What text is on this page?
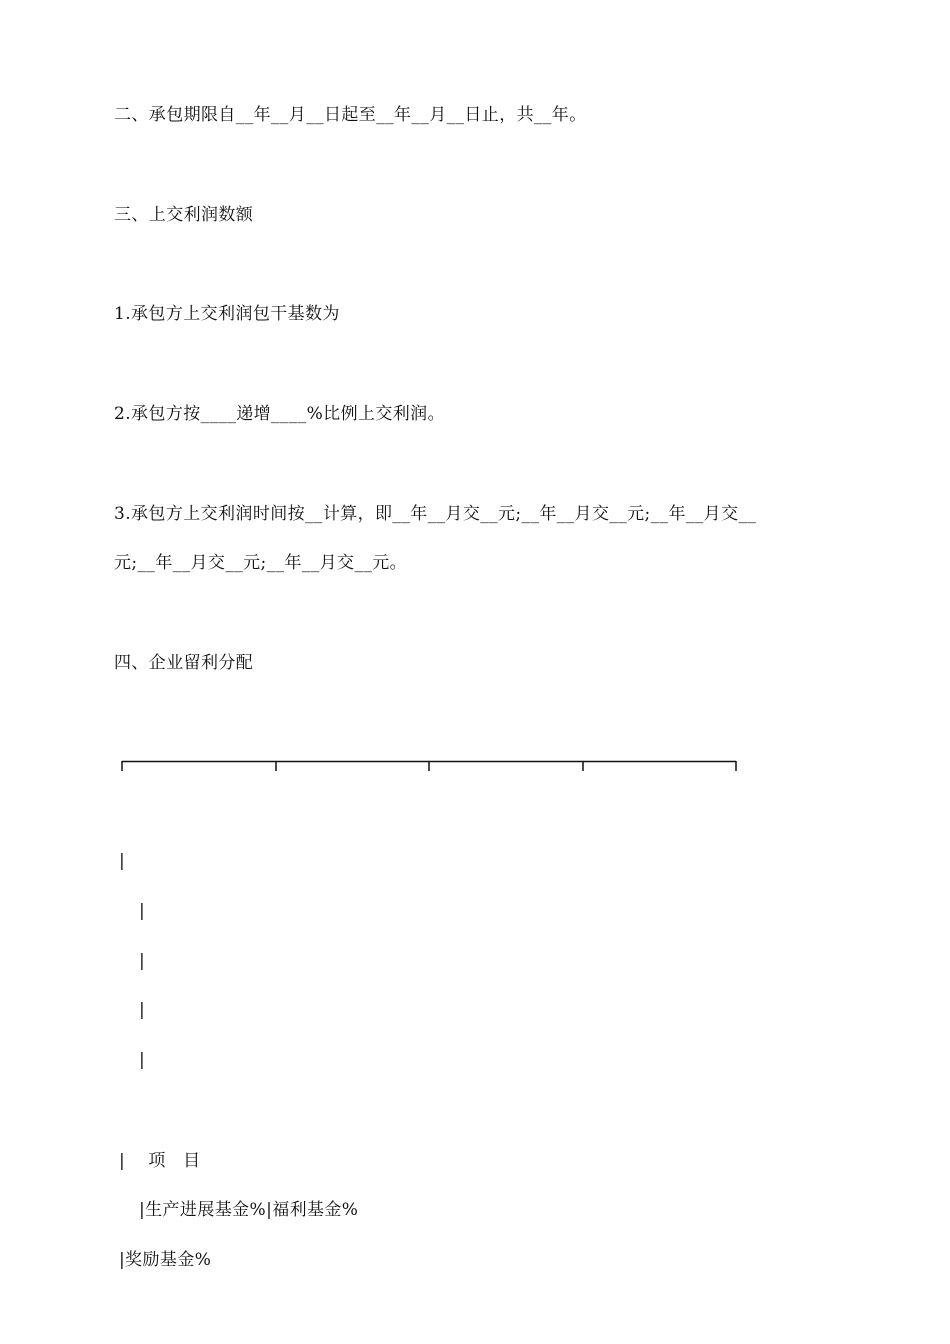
二、承包期限自__年__月__日起至__年__月__日止，共__年。
三、上交利润数额
1.承包方上交利润包干基数为
2.承包方按____递增____%比例上交利润。
3.承包方上交利润时间按__计算，即__年__月交__元;__年__月交__元;__年__月交__
元;__年__月交__元;__年__月交__元。
四、企业留利分配
|
|
|
|
|
|　 项　目
|生产进展基金%|福利基金%
|奖励基金%
